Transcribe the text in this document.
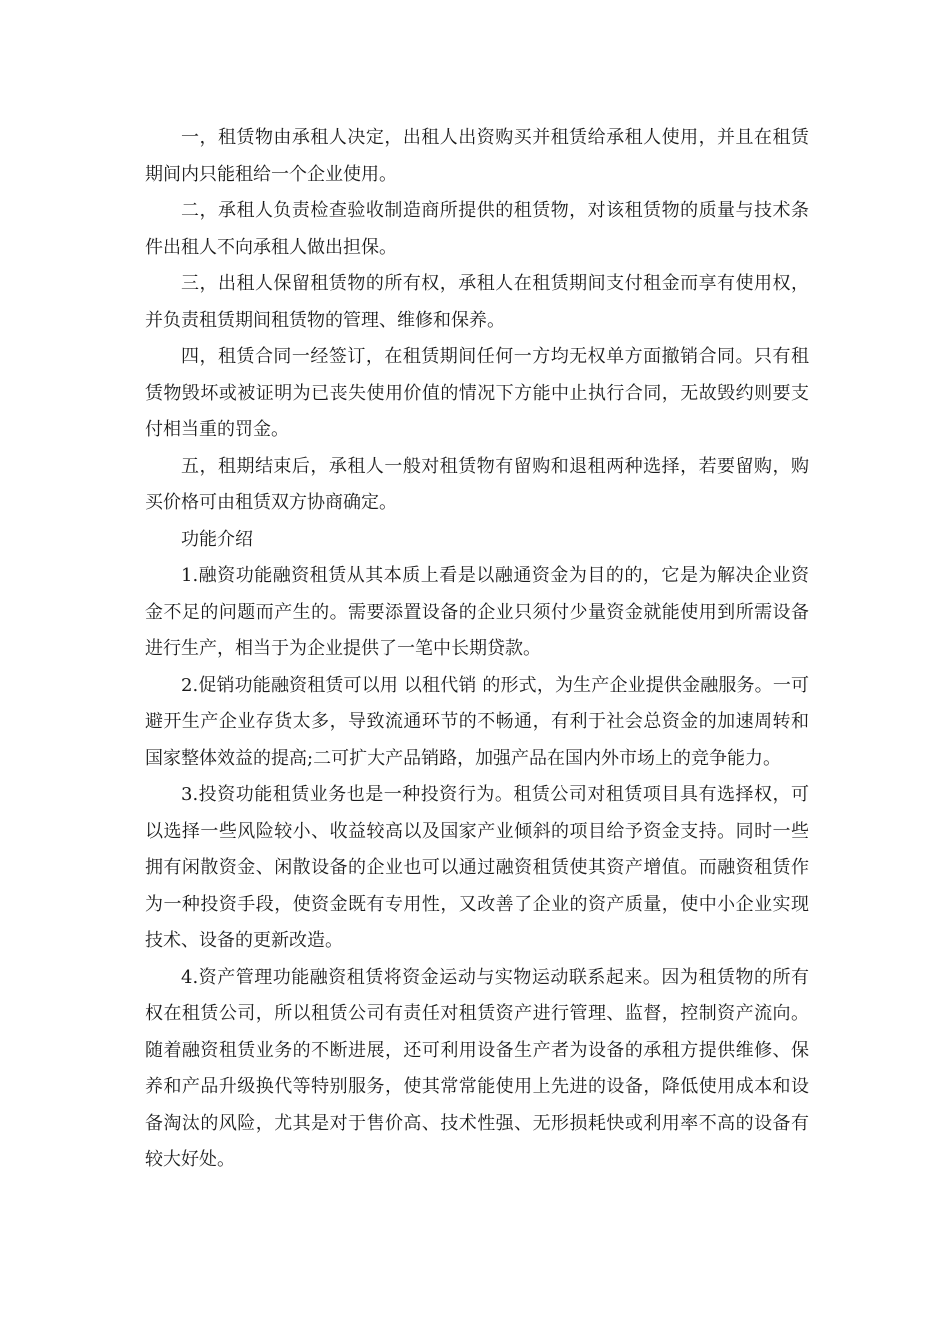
一，租赁物由承租人决定，出租人出资购买并租赁给承租人使用，并且在租赁期间内只能租给一个企业使用。

二，承租人负责检查验收制造商所提供的租赁物，对该租赁物的质量与技术条件出租人不向承租人做出担保。

三，出租人保留租赁物的所有权，承租人在租赁期间支付租金而享有使用权，并负责租赁期间租赁物的管理、维修和保养。

四，租赁合同一经签订，在租赁期间任何一方均无权单方面撤销合同。只有租赁物毁坏或被证明为已丧失使用价值的情况下方能中止执行合同，无故毁约则要支付相当重的罚金。

五，租期结束后，承租人一般对租赁物有留购和退租两种选择，若要留购，购买价格可由租赁双方协商确定。

功能介绍

1.融资功能融资租赁从其本质上看是以融通资金为目的的，它是为解决企业资金不足的问题而产生的。需要添置设备的企业只须付少量资金就能使用到所需设备进行生产，相当于为企业提供了一笔中长期贷款。

2.促销功能融资租赁可以用 以租代销 的形式，为生产企业提供金融服务。一可避开生产企业存货太多，导致流通环节的不畅通，有利于社会总资金的加速周转和国家整体效益的提高;二可扩大产品销路，加强产品在国内外市场上的竞争能力。

3.投资功能租赁业务也是一种投资行为。租赁公司对租赁项目具有选择权，可以选择一些风险较小、收益较高以及国家产业倾斜的项目给予资金支持。同时一些拥有闲散资金、闲散设备的企业也可以通过融资租赁使其资产增值。而融资租赁作为一种投资手段，使资金既有专用性，又改善了企业的资产质量，使中小企业实现技术、设备的更新改造。

4.资产管理功能融资租赁将资金运动与实物运动联系起来。因为租赁物的所有权在租赁公司，所以租赁公司有责任对租赁资产进行管理、监督，控制资产流向。随着融资租赁业务的不断进展，还可利用设备生产者为设备的承租方提供维修、保养和产品升级换代等特别服务，使其常常能使用上先进的设备，降低使用成本和设备淘汰的风险，尤其是对于售价高、技术性强、无形损耗快或利用率不高的设备有较大好处。
